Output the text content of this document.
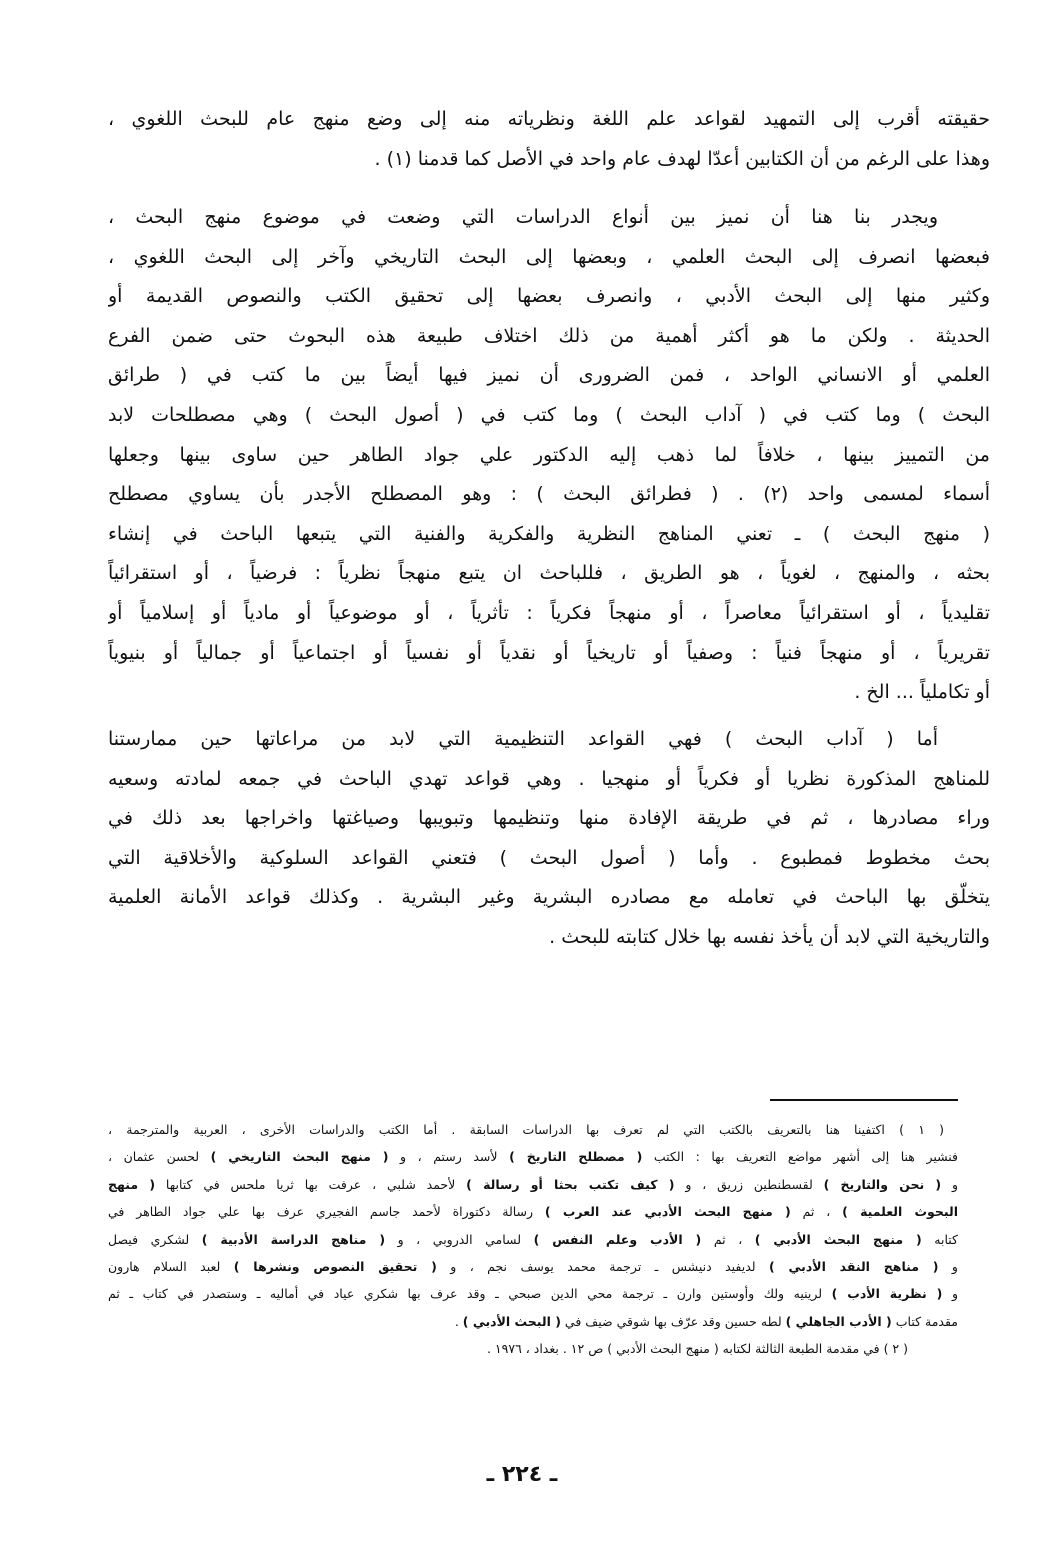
حقيقته أقرب إلى التمهيد لقواعد علم اللغة ونظرياته منه إلى وضع منهج عام للبحث اللغوي ،
وهذا على الرغم من أن الكتابين أعدّا لهدف عام واحد في الأصل كما قدمنا (١) .
ويجدر بنا هنا أن نميز بين أنواع الدراسات التي وضعت في موضوع منهج البحث ،
فبعضها انصرف إلى البحث العلمي ، وبعضها إلى البحث التاريخي وآخر إلى البحث اللغوي ،
وكثير منها إلى البحث الأدبي ، وانصرف بعضها إلى تحقيق الكتب والنصوص القديمة أو
الحديثة . ولكن ما هو أكثر أهمية من ذلك اختلاف طبيعة هذه البحوث حتى ضمن الفرع
العلمي أو الانساني الواحد ، فمن الضرورى أن نميز فيها أيضاً بين ما كتب في ( طرائق
البحث ) وما كتب في ( آداب البحث ) وما كتب في ( أصول البحث ) وهي مصطلحات لابد
من التمييز بينها ، خلافاً لما ذهب إليه الدكتور علي جواد الطاهر حين ساوى بينها وجعلها
أسماء لمسمى واحد (٢) . ( فطرائق البحث ) : وهو المصطلح الأجدر بأن يساوي مصطلح
( منهج البحث ) ـ تعني المناهج النظرية والفكرية والفنية التي يتبعها الباحث في إنشاء
بحثه ، والمنهج ، لغوياً ، هو الطريق ، فللباحث ان يتبع منهجاً نظرياً : فرضياً ، أو استقرائياً
تقليدياً ، أو استقرائياً معاصراً ، أو منهجاً فكرياً : تأثرياً ، أو موضوعياً أو مادياً أو إسلامياً أو
تقريرياً ، أو منهجاً فنياً : وصفياً أو تاريخياً أو نقدياً أو نفسياً أو اجتماعياً أو جمالياً أو بنيوياً
أو تكاملياً ... الخ .
أما ( آداب البحث ) فهي القواعد التنظيمية التي لابد من مراعاتها حين ممارستنا
للمناهج المذكورة نظريا أو فكرياً أو منهجيا . وهي قواعد تهدي الباحث في جمعه لمادته وسعيه
وراء مصادرها ، ثم في طريقة الإفادة منها وتنظيمها وتبويبها وصياغتها واخراجها بعد ذلك في
بحث مخطوط فمطبوع . وأما ( أصول البحث ) فتعني القواعد السلوكية والأخلاقية التي
يتخلّق بها الباحث في تعامله مع مصادره البشرية وغير البشرية . وكذلك قواعد الأمانة العلمية
والتاريخية التي لابد أن يأخذ نفسه بها خلال كتابته للبحث .
( ١ ) اكتفينا هنا بالتعريف بالكتب التي لم تعرف بها الدراسات السابقة . أما الكتب والدراسات الأخرى ، العربية والمترجمة ،
فنشير هنا إلى أشهر مواضع التعريف بها : الكتب ( مصطلح التاريخ ) لأسد رستم ، و ( منهج البحث التاريخي ) لحسن عثمان ،
و ( نحن والتاريخ ) لقسطنطين زريق ، و ( كيف تكتب بحثا أو رسالة ) لأحمد شلبي ، عرفت بها ثريا ملحس في كتابها ( منهج
البحوث العلمية ) ، ثم ( منهج البحث الأدبي عند العرب ) رسالة دكتوراة لأحمد جاسم الفجيري عرف بها علي جواد الطاهر في
كتابه ( منهج البحث الأدبي ) ، ثم ( الأدب وعلم النفس ) لسامي الدروبي ، و ( مناهج الدراسة الأدبية ) لشكري فيصل
و ( مناهج النقد الأدبي ) لديفيد دنيشس ـ ترجمة محمد يوسف نجم ، و ( تحقيق النصوص ونشرها ) لعبد السلام هارون
و ( نظرية الأدب ) لرينيه ولك وأوستين وارن ـ ترجمة محي الدين صبحي ـ وقد عرف بها شكري عياد في أماليه ـ وستصدر في كتاب ـ ثم
مقدمة كتاب ( الأدب الجاهلي ) لطه حسين وقد عرّف بها شوقي ضيف في ( البحث الأدبي ) .
( ٢ ) في مقدمة الطبعة الثالثة لكتابه ( منهج البحث الأدبي ) ص ١٢ . بغداد ، ١٩٧٦ .
ـ ٢٢٤ ـ
